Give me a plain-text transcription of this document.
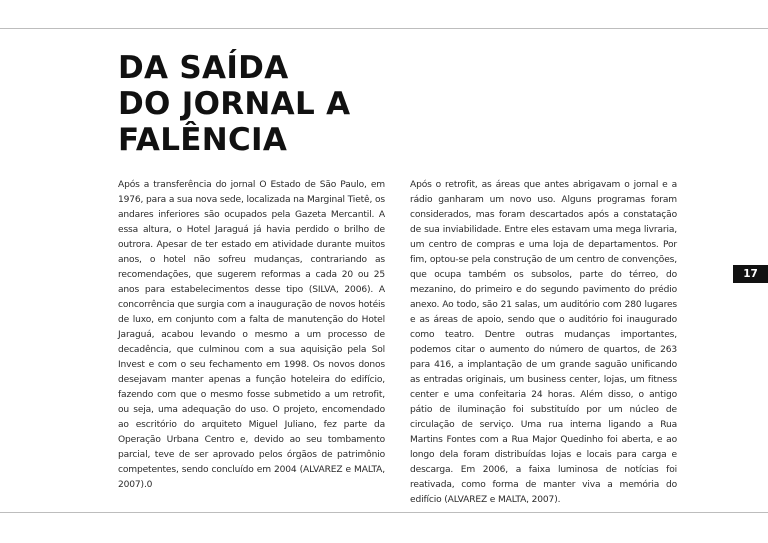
DA SAÍDA
DO JORNAL A
FALÊNCIA

Após a transferência do jornal O Estado de São Paulo, em 1976, para a sua nova sede, localizada na Marginal Tietê, os andares inferiores são ocupados pela Gazeta Mercantil. A essa altura, o Hotel Jaraguá já havia perdido o brilho de outrora. Apesar de ter estado em atividade durante muitos anos, o hotel não sofreu mudanças, contrariando as recomendações, que sugerem reformas a cada 20 ou 25 anos para estabelecimentos desse tipo (SILVA, 2006). A concorrência que surgia com a inauguração de novos hotéis de luxo, em conjunto com a falta de manutenção do Hotel Jaraguá, acabou levando o mesmo a um processo de decadência, que culminou com a sua aquisição pela Sol Invest e com o seu fechamento em 1998. Os novos donos desejavam manter apenas a função hoteleira do edifício, fazendo com que o mesmo fosse submetido a um retrofit, ou seja, uma adequação do uso. O projeto, encomendado ao escritório do arquiteto Miguel Juliano, fez parte da Operação Urbana Centro e, devido ao seu tombamento parcial, teve de ser aprovado pelos órgãos de patrimônio competentes, sendo concluído em 2004 (ALVAREZ e MALTA, 2007).0

Após o retrofit, as áreas que antes abrigavam o jornal e a rádio ganharam um novo uso. Alguns programas foram considerados, mas foram descartados após a constatação de sua inviabilidade. Entre eles estavam uma mega livraria, um centro de compras e uma loja de departamentos. Por fim, optou-se pela construção de um centro de convenções, que ocupa também os subsolos, parte do térreo, do mezanino, do primeiro e do segundo pavimento do prédio anexo. Ao todo, são 21 salas, um auditório com 280 lugares e as áreas de apoio, sendo que o auditório foi inaugurado como teatro. Dentre outras mudanças importantes, podemos citar o aumento do número de quartos, de 263 para 416, a implantação de um grande saguão unificando as entradas originais, um business center, lojas, um fitness center e uma confeitaria 24 horas. Além disso, o antigo pátio de iluminação foi substituído por um núcleo de circulação de serviço. Uma rua interna ligando a Rua Martins Fontes com a Rua Major Quedinho foi aberta, e ao longo dela foram distribuídas lojas e locais para carga e descarga. Em 2006, a faixa luminosa de notícias foi reativada, como forma de manter viva a memória do edifício (ALVAREZ e MALTA, 2007).

17
